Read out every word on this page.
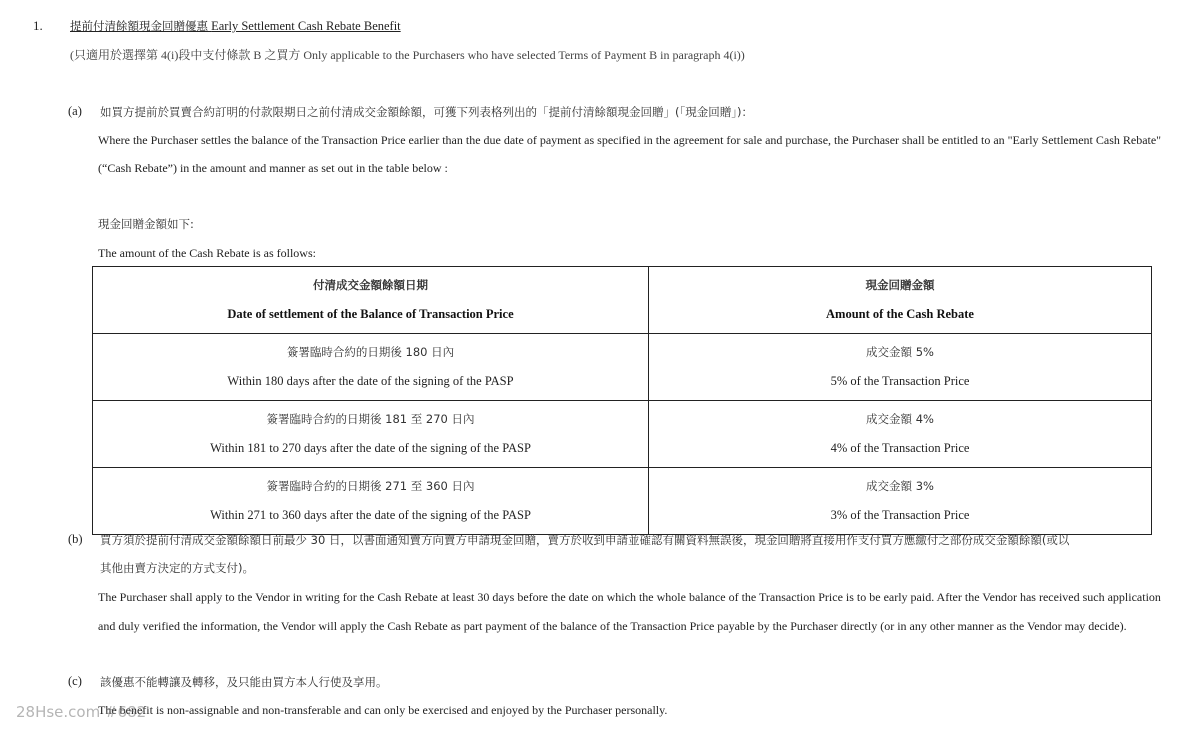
1. 提前付清餘額現金回贈優惠 Early Settlement Cash Rebate Benefit
(只適用於選擇第 4(i)段中支付條款 B 之買方 Only applicable to the Purchasers who have selected Terms of Payment B in paragraph 4(i))
(a) 如買方提前於買賣合約訂明的付款限期日之前付清成交金額餘額，可獲下列表格列出的「提前付清餘額現金回贈」(「現金回贈」)：
Where the Purchaser settles the balance of the Transaction Price earlier than the due date of payment as specified in the agreement for sale and purchase, the Purchaser shall be entitled to an "Early Settlement Cash Rebate"
(“Cash Rebate”) in the amount and manner as set out in the table below :
現金回贈金額如下:
The amount of the Cash Rebate is as follows:
付清成交金額餘額日期
Date of settlement of the Balance of Transaction Price	現金回贈金額
Amount of the Cash Rebate

簽署臨時合約的日期後 180 日內
Within 180 days after the date of the signing of the PASP	成交金額 5%
5% of the Transaction Price

簽署臨時合約的日期後 181 至 270 日內
Within 181 to 270 days after the date of the signing of the PASP	成交金額 4%
4% of the Transaction Price

簽署臨時合約的日期後 271 至 360 日內
Within 271 to 360 days after the date of the signing of the PASP	成交金額 3%
3% of the Transaction Price
(b) 買方須於提前付清成交金額餘額日前最少 30 日，以書面通知賣方向賣方申請現金回贈，賣方於收到申請並確認有關資料無誤後，現金回贈將直接用作支付買方應繳付之部份成交金額餘額(或以
其他由賣方決定的方式支付)。
The Purchaser shall apply to the Vendor in writing for the Cash Rebate at least 30 days before the date on which the whole balance of the Transaction Price is to be early paid. After the Vendor has received such application
and duly verified the information, the Vendor will apply the Cash Rebate as part payment of the balance of the Transaction Price payable by the Purchaser directly (or in any other manner as the Vendor may decide).
(c) 該優惠不能轉讓及轉移，及只能由買方本人行使及享用。
The benefit is non-assignable and non-transferable and can only be exercised and enjoyed by the Purchaser personally.
28Hse.com #682
